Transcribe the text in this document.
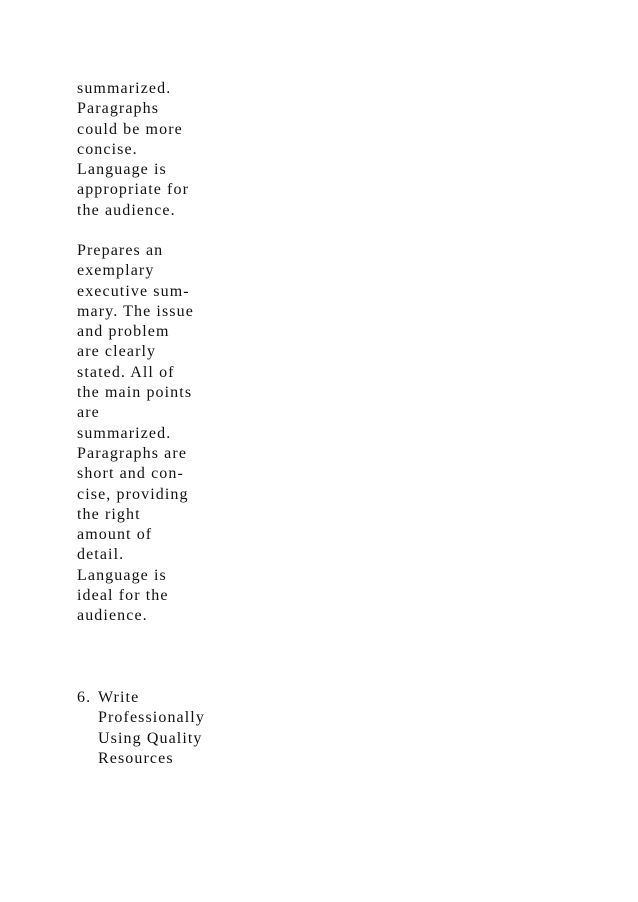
summarized.
Paragraphs
could be more
concise.
Language is
appropriate for
the audience.

Prepares an
exemplary
executive sum-
mary. The issue
and problem
are clearly
stated. All of
the main points
are
summarized.
Paragraphs are
short and con-
cise, providing
the right
amount of
detail.
Language is
ideal for the
audience.

6. Write
Professionally
Using Quality
Resources
